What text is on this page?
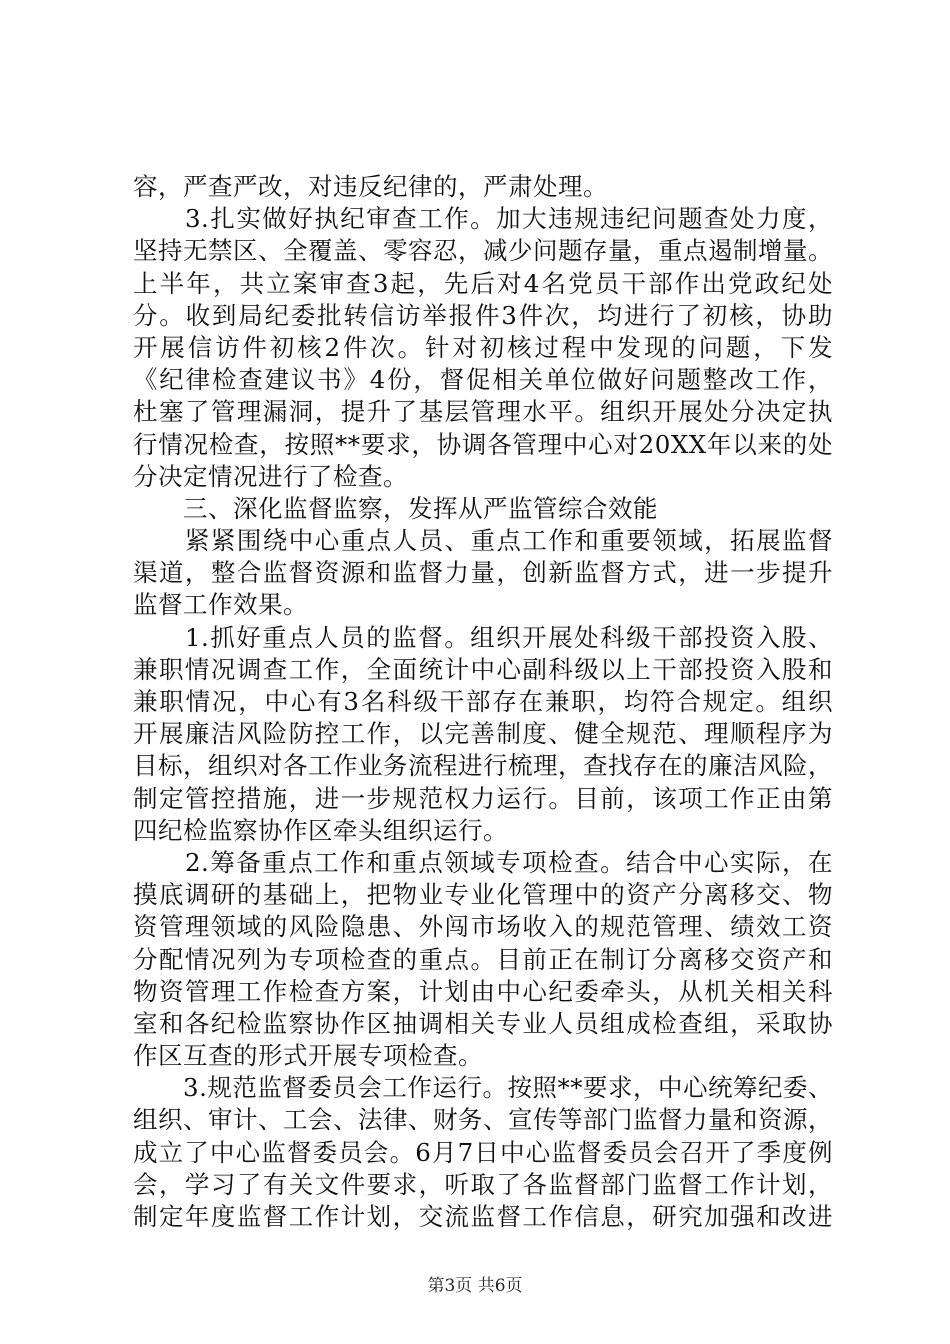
容，严查严改，对违反纪律的，严肃处理。
　　3.扎实做好执纪审查工作。加大违规违纪问题查处力度，
坚持无禁区、全覆盖、零容忍，减少问题存量，重点遏制增量。
上半年，共立案审查3起，先后对4名党员干部作出党政纪处
分。收到局纪委批转信访举报件3件次，均进行了初核，协助
开展信访件初核2件次。针对初核过程中发现的问题，下发
《纪律检查建议书》4份，督促相关单位做好问题整改工作，
杜塞了管理漏洞，提升了基层管理水平。组织开展处分决定执
行情况检查，按照**要求，协调各管理中心对20XX年以来的处
分决定情况进行了检查。
　　三、深化监督监察，发挥从严监管综合效能
　　紧紧围绕中心重点人员、重点工作和重要领域，拓展监督
渠道，整合监督资源和监督力量，创新监督方式，进一步提升
监督工作效果。
　　1.抓好重点人员的监督。组织开展处科级干部投资入股、
兼职情况调查工作，全面统计中心副科级以上干部投资入股和
兼职情况，中心有3名科级干部存在兼职，均符合规定。组织
开展廉洁风险防控工作，以完善制度、健全规范、理顺程序为
目标，组织对各工作业务流程进行梳理，查找存在的廉洁风险，
制定管控措施，进一步规范权力运行。目前，该项工作正由第
四纪检监察协作区牵头组织运行。
　　2.筹备重点工作和重点领域专项检查。结合中心实际，在
摸底调研的基础上，把物业专业化管理中的资产分离移交、物
资管理领域的风险隐患、外闯市场收入的规范管理、绩效工资
分配情况列为专项检查的重点。目前正在制订分离移交资产和
物资管理工作检查方案，计划由中心纪委牵头，从机关相关科
室和各纪检监察协作区抽调相关专业人员组成检查组，采取协
作区互查的形式开展专项检查。
　　3.规范监督委员会工作运行。按照**要求，中心统筹纪委、
组织、审计、工会、法律、财务、宣传等部门监督力量和资源，
成立了中心监督委员会。6月7日中心监督委员会召开了季度例
会，学习了有关文件要求，听取了各监督部门监督工作计划，
制定年度监督工作计划，交流监督工作信息，研究加强和改进
第3页 共6页
